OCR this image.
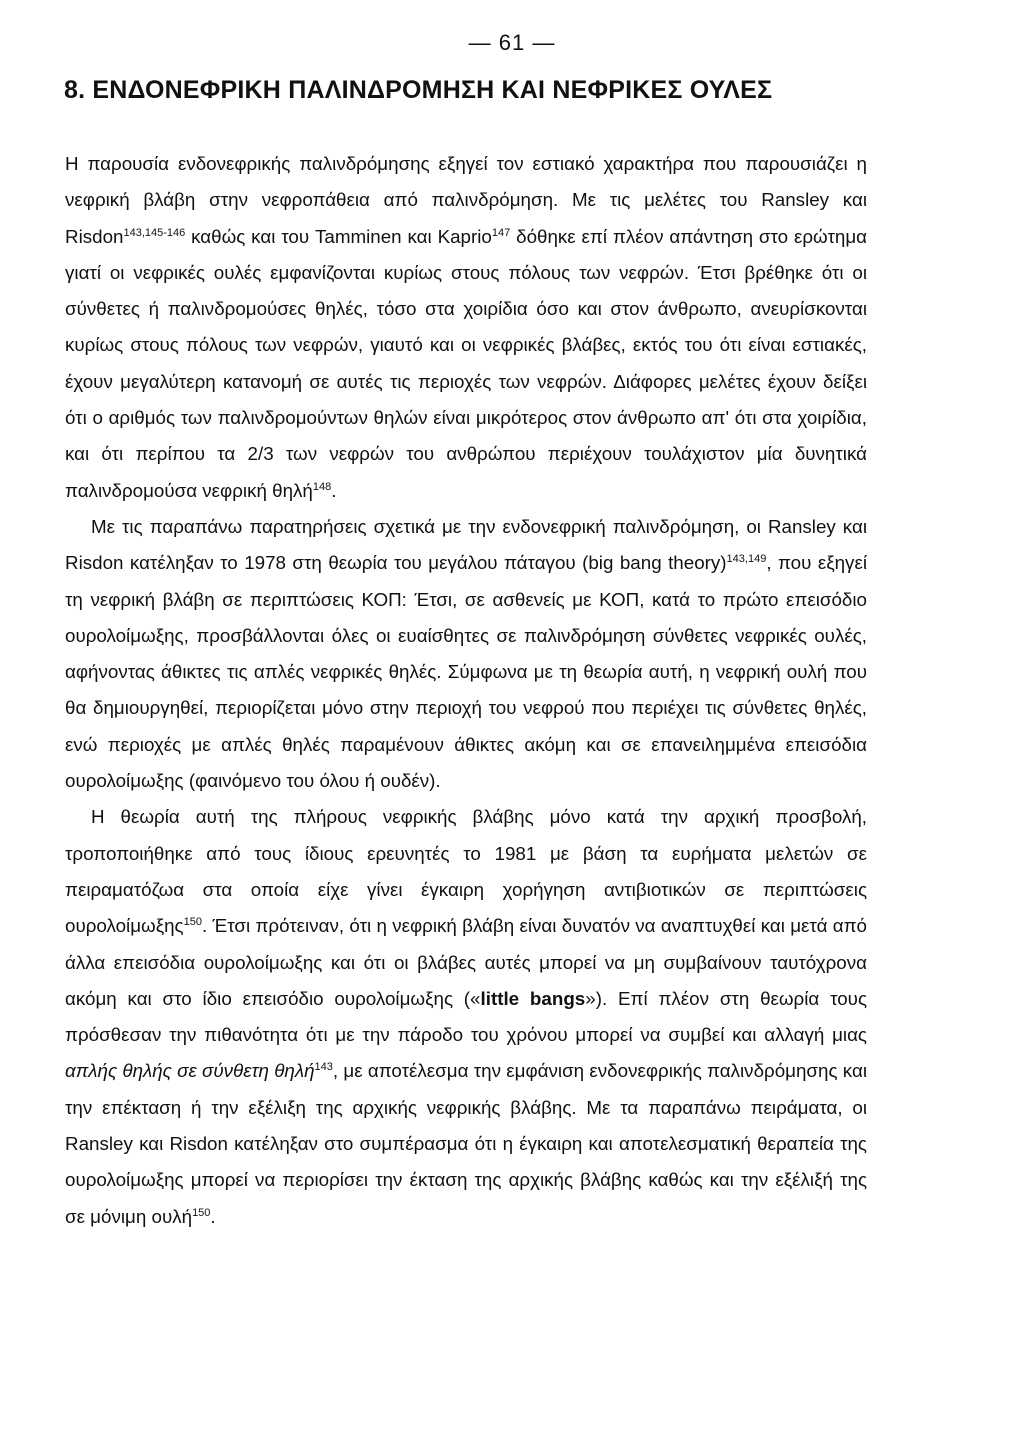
— 61 —
8. ΕΝΔΟΝΕΦΡΙΚΗ ΠΑΛΙΝΔΡΟΜΗΣΗ ΚΑΙ ΝΕΦΡΙΚΕΣ ΟΥΛΕΣ

Η παρουσία ενδονεφρικής παλινδρόμησης εξηγεί τον εστιακό χαρακτήρα που παρουσιάζει η νεφρική βλάβη στην νεφροπάθεια από παλινδρόμηση. Με τις μελέτες του Ransley και Risdon$^{143,145-146}$ καθώς και του Tamminen και Kaprio$^{147}$ δόθηκε επί πλέον απάντηση στο ερώτημα γιατί οι νεφρικές ουλές εμφανίζονται κυρίως στους πόλους των νεφρών. Έτσι βρέθηκε ότι οι σύνθετες ή παλινδρομούσες θηλές, τόσο στα χοιρίδια όσο και στον άνθρωπο, ανευρίσκονται κυρίως στους πόλους των νεφρών, γιαυτό και οι νεφρικές βλάβες, εκτός του ότι είναι εστιακές, έχουν μεγαλύτερη κατανομή σε αυτές τις περιοχές των νεφρών. Διάφορες μελέτες έχουν δείξει ότι ο αριθμός των παλινδρομούντων θηλών είναι μικρότερος στον άνθρωπο απ' ότι στα χοιρίδια, και ότι περίπου τα 2/3 των νεφρών του ανθρώπου περιέχουν τουλάχιστον μία δυνητικά παλινδρομούσα νεφρική θηλή$^{148}$.

Με τις παραπάνω παρατηρήσεις σχετικά με την ενδονεφρική παλινδρόμηση, οι Ransley και Risdon κατέληξαν το 1978 στη θεωρία του μεγάλου πάταγου (big bang theory)$^{143,149}$, που εξηγεί τη νεφρική βλάβη σε περιπτώσεις ΚΟΠ: Έτσι, σε ασθενείς με ΚΟΠ, κατά το πρώτο επεισόδιο ουρολοίμωξης, προσβάλλονται όλες οι ευαίσθητες σε παλινδρόμηση σύνθετες νεφρικές ουλές, αφήνοντας άθικτες τις απλές νεφρικές θηλές. Σύμφωνα με τη θεωρία αυτή, η νεφρική ουλή που θα δημιουργηθεί, περιορίζεται μόνο στην περιοχή του νεφρού που περιέχει τις σύνθετες θηλές, ενώ περιοχές με απλές θηλές παραμένουν άθικτες ακόμη και σε επανειλημμένα επεισόδια ουρολοίμωξης (φαινόμενο του όλου ή ουδέν).

Η θεωρία αυτή της πλήρους νεφρικής βλάβης μόνο κατά την αρχική προσβολή, τροποποιήθηκε από τους ίδιους ερευνητές το 1981 με βάση τα ευρήματα μελετών σε πειραματόζωα στα οποία είχε γίνει έγκαιρη χορήγηση αντιβιοτικών σε περιπτώσεις ουρολοίμωξης$^{150}$. Έτσι πρότειναν, ότι η νεφρική βλάβη είναι δυνατόν να αναπτυχθεί και μετά από άλλα επεισόδια ουρολοίμωξης και ότι οι βλάβες αυτές μπορεί να μη συμβαίνουν ταυτόχρονα ακόμη και στο ίδιο επεισόδιο ουρολοίμωξης («little bangs»). Επί πλέον στη θεωρία τους πρόσθεσαν την πιθανότητα ότι με την πάροδο του χρόνου μπορεί να συμβεί και αλλαγή μιας απλής θηλής σε σύνθετη θηλή$^{143}$, με αποτέλεσμα την εμφάνιση ενδονεφρικής παλινδρόμησης και την επέκταση ή την εξέλιξη της αρχικής νεφρικής βλάβης. Με τα παραπάνω πειράματα, οι Ransley και Risdon κατέληξαν στο συμπέρασμα ότι η έγκαιρη και αποτελεσματική θεραπεία της ουρολοίμωξης μπορεί να περιορίσει την έκταση της αρχικής βλάβης καθώς και την εξέλιξή της σε μόνιμη ουλή$^{150}$.
